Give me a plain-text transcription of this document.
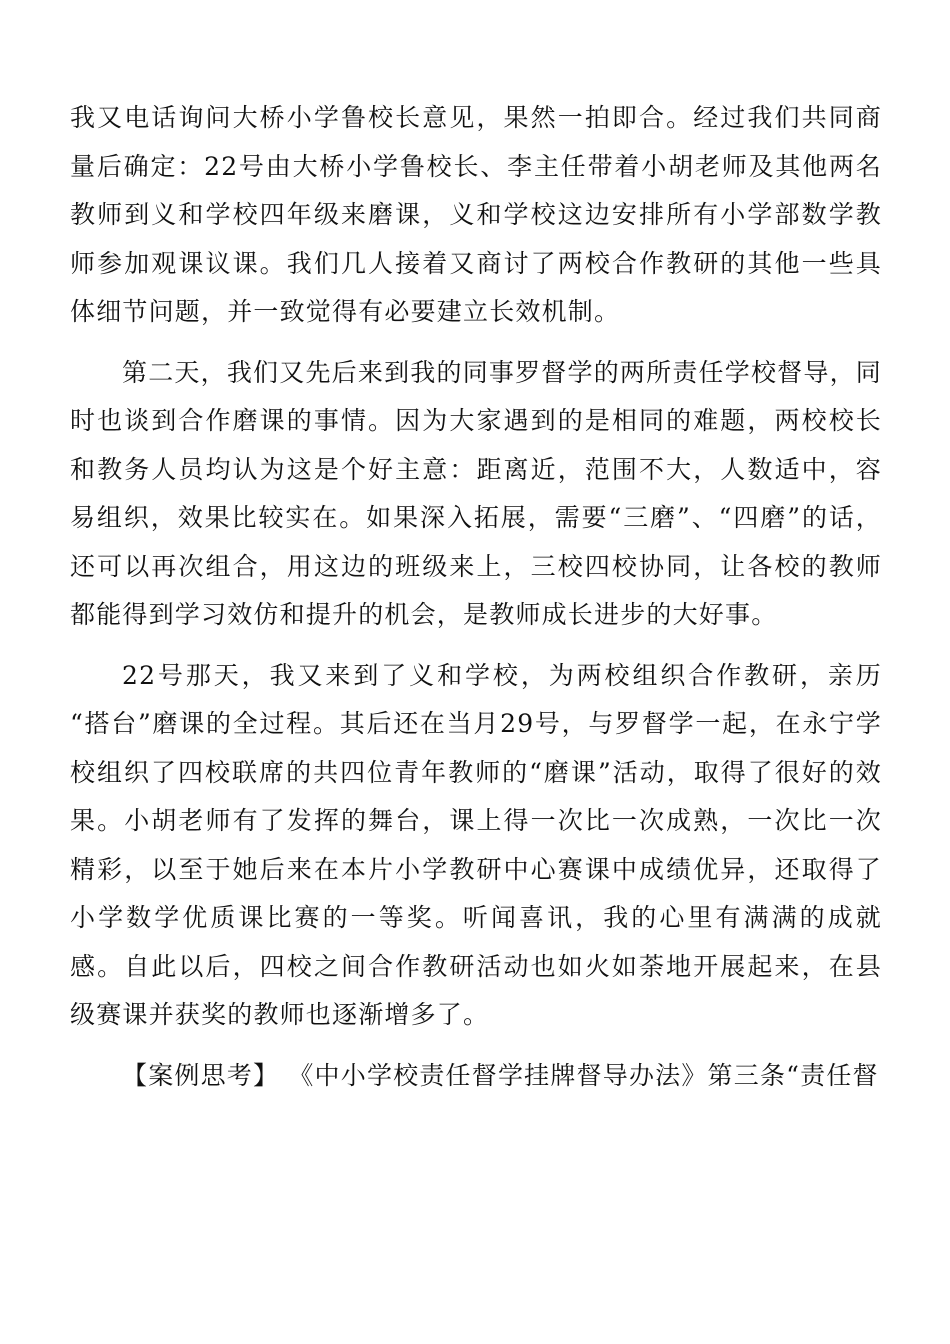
我又电话询问大桥小学鲁校长意见，果然一拍即合。经过我们共同商量后确定：22号由大桥小学鲁校长、李主任带着小胡老师及其他两名教师到义和学校四年级来磨课，义和学校这边安排所有小学部数学教师参加观课议课。我们几人接着又商讨了两校合作教研的其他一些具体细节问题，并一致觉得有必要建立长效机制。

第二天，我们又先后来到我的同事罗督学的两所责任学校督导，同时也谈到合作磨课的事情。因为大家遇到的是相同的难题，两校校长和教务人员均认为这是个好主意：距离近，范围不大，人数适中，容易组织，效果比较实在。如果深入拓展，需要“三磨”、“四磨”的话，还可以再次组合，用这边的班级来上，三校四校协同，让各校的教师都能得到学习效仿和提升的机会，是教师成长进步的大好事。

22号那天，我又来到了义和学校，为两校组织合作教研，亲历 “搭台”磨课的全过程。其后还在当月29号，与罗督学一起，在永宁学校组织了四校联席的共四位青年教师的“磨课”活动，取得了很好的效果。小胡老师有了发挥的舞台，课上得一次比一次成熟，一次比一次精彩，以至于她后来在本片小学教研中心赛课中成绩优异，还取得了小学数学优质课比赛的一等奖。听闻喜讯，我的心里有满满的成就感。自此以后，四校之间合作教研活动也如火如荼地开展起来，在县级赛课并获奖的教师也逐渐增多了。

【案例思考】 《中小学校责任督学挂牌督导办法》第三条“责任督
